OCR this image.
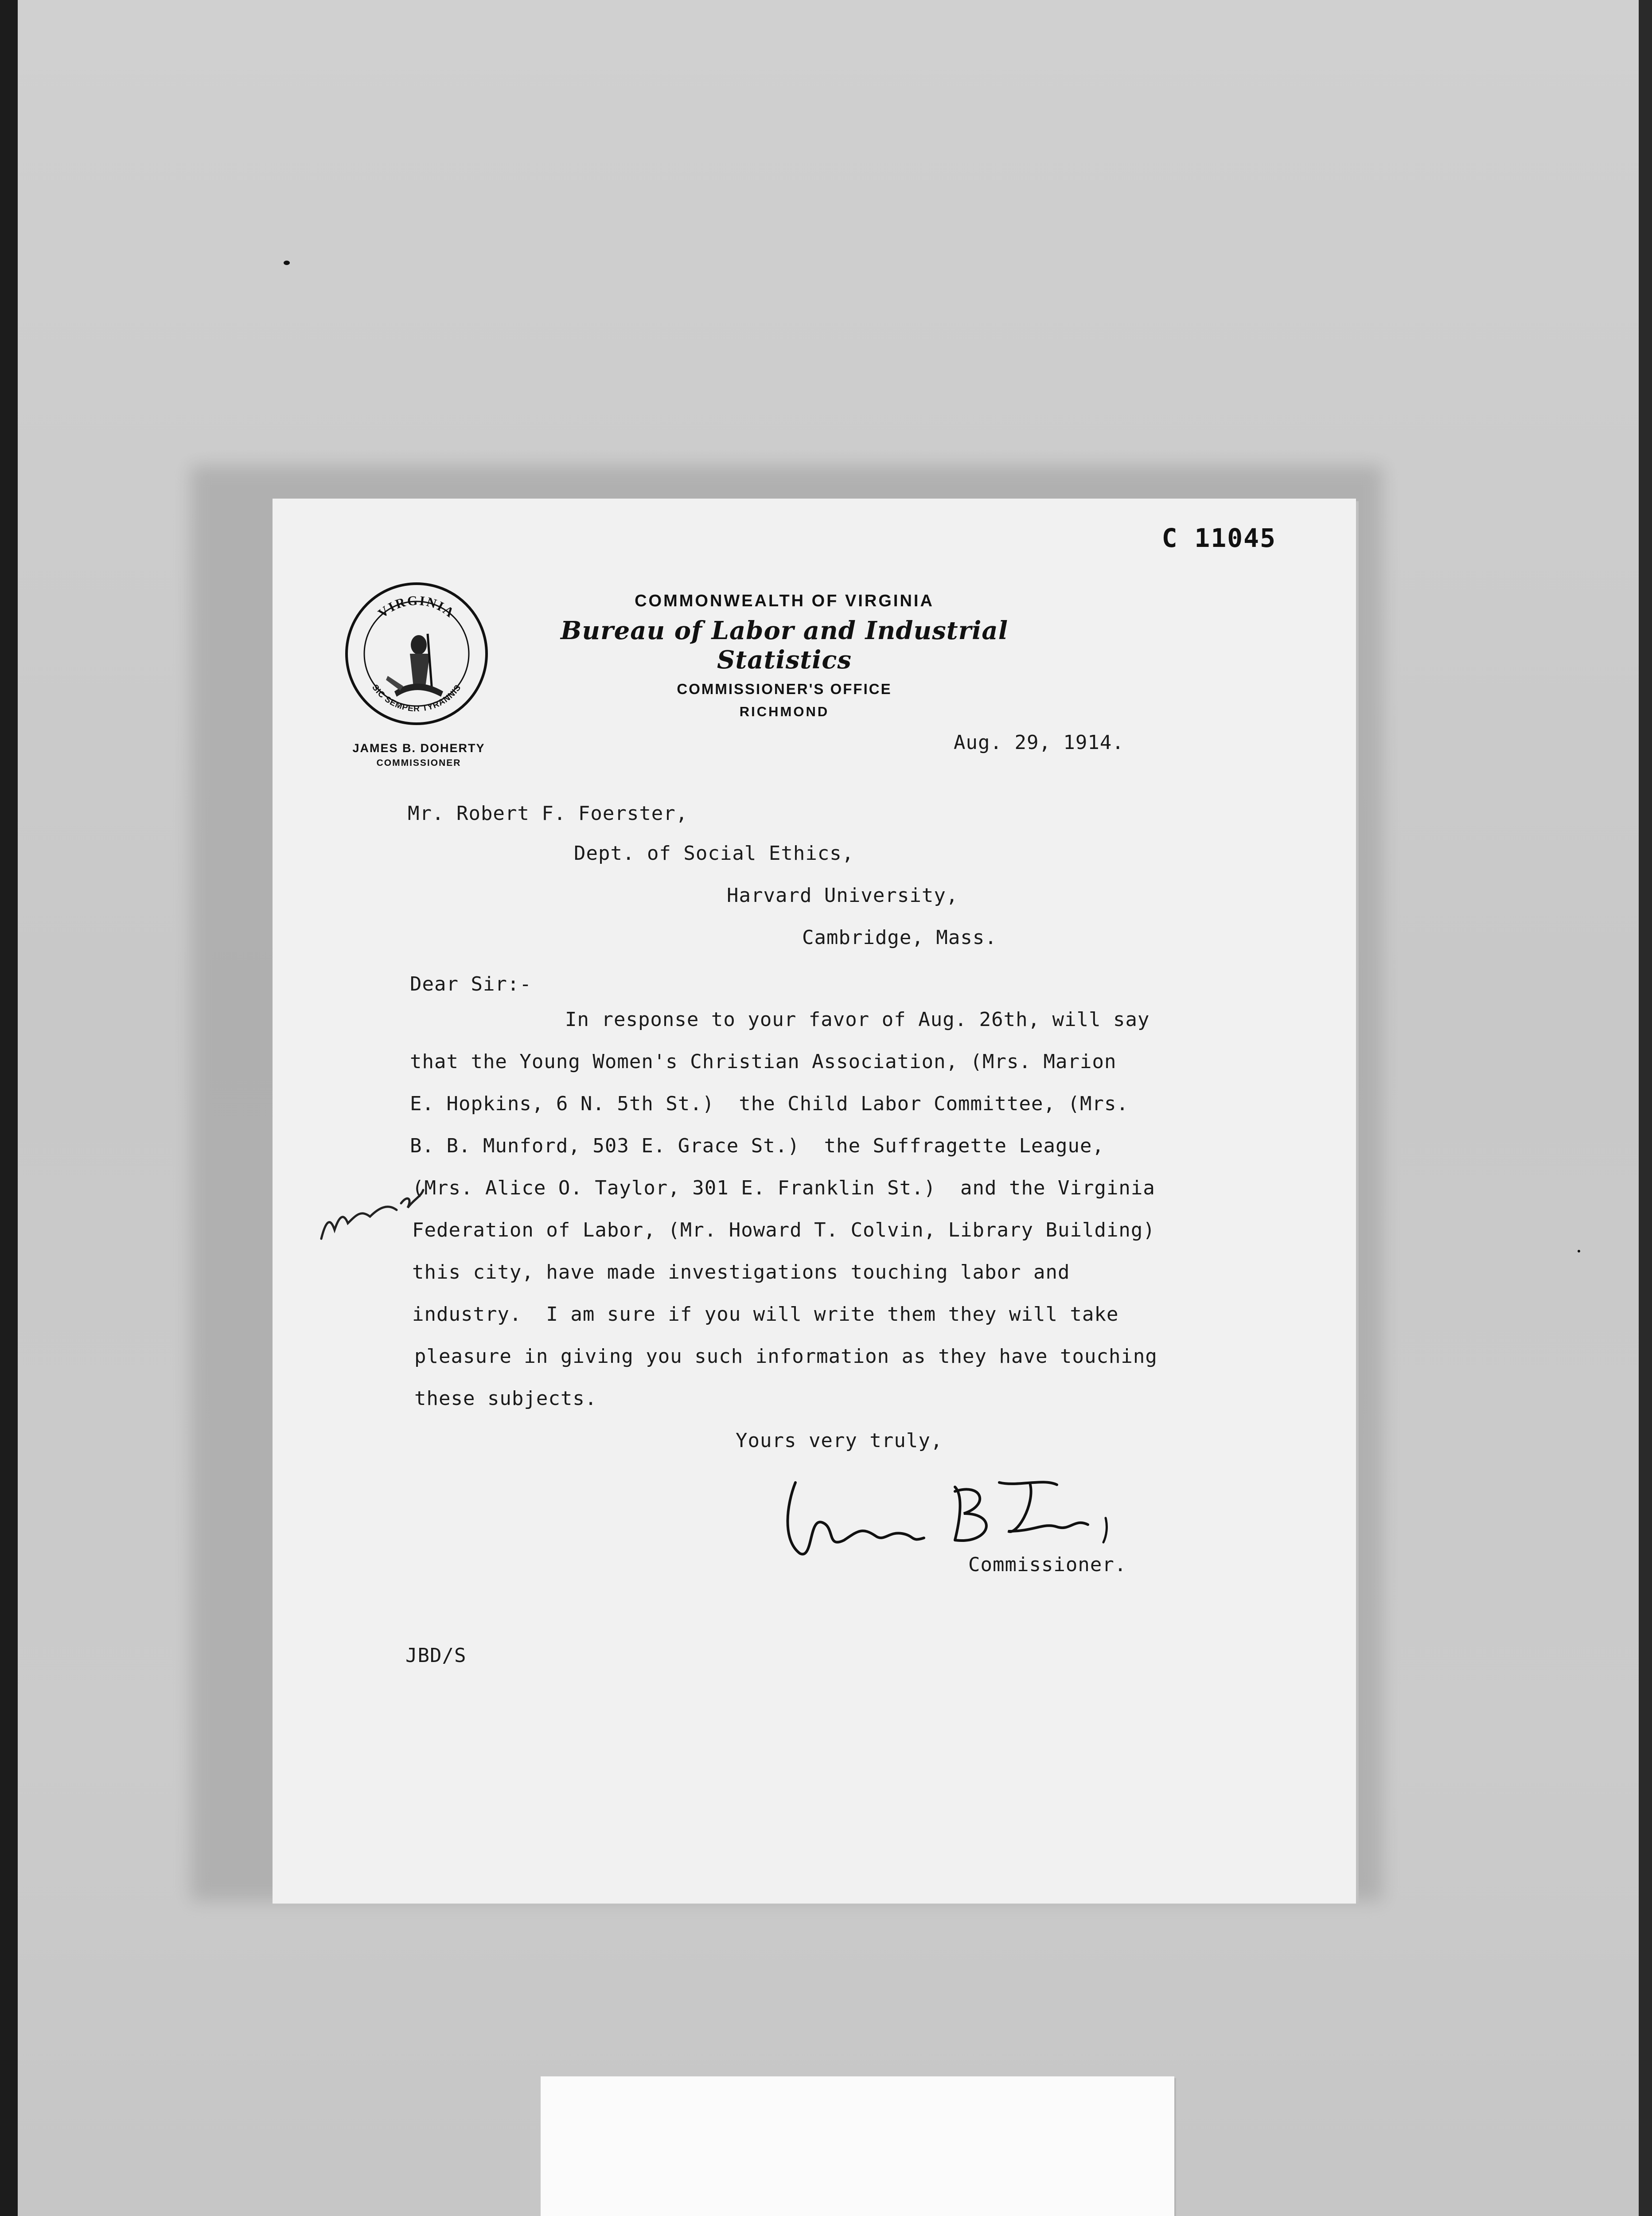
C 11045
VIRGINIA
SIC SEMPER TYRANNIS
JAMES B. DOHERTY
COMMISSIONER
COMMONWEALTH OF VIRGINIA
Bureau of Labor and Industrial Statistics
COMMISSIONER'S OFFICE
RICHMOND
Aug. 29, 1914.
Mr. Robert F. Foerster,
Dept. of Social Ethics,
Harvard University,
Cambridge, Mass.
Dear Sir:-
In response to your favor of Aug. 26th, will say
that the Young Women's Christian Association, (Mrs. Marion
E. Hopkins, 6 N. 5th St.)  the Child Labor Committee, (Mrs.
B. B. Munford, 503 E. Grace St.)  the Suffragette League,
(Mrs. Alice O. Taylor, 301 E. Franklin St.)  and the Virginia
Federation of Labor, (Mr. Howard T. Colvin, Library Building)
this city, have made investigations touching labor and
industry.  I am sure if you will write them they will take
pleasure in giving you such information as they have touching
these subjects.
Yours very truly,
Commissioner.
JBD/S
